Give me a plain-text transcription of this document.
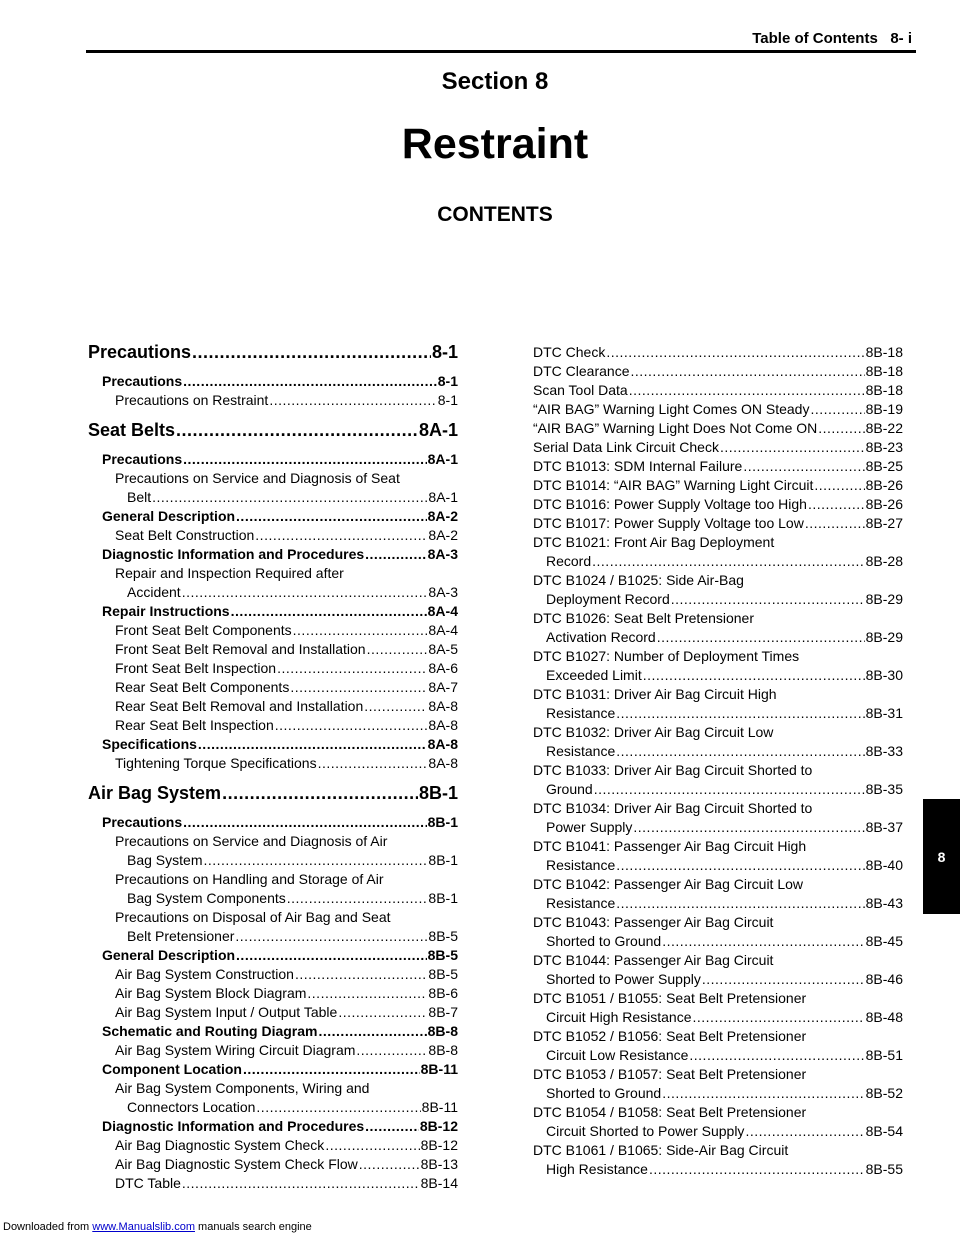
Table of Contents 8- i
Section 8
Restraint
CONTENTS
Precautions .....	8-1
Precautions .....	8-1
Precautions on Restraint .....	8-1
Seat Belts .....	8A-1
Precautions .....	8A-1
Precautions on Service and Diagnosis of Seat
Belt .....	8A-1
General Description .....	8A-2
Seat Belt Construction .....	8A-2
Diagnostic Information and Procedures .....	8A-3
Repair and Inspection Required after
Accident .....	8A-3
Repair Instructions .....	8A-4
Front Seat Belt Components .....	8A-4
Front Seat Belt Removal and Installation .....	8A-5
Front Seat Belt Inspection .....	8A-6
Rear Seat Belt Components .....	8A-7
Rear Seat Belt Removal and Installation .....	8A-8
Rear Seat Belt Inspection .....	8A-8
Specifications .....	8A-8
Tightening Torque Specifications .....	8A-8
Air Bag System .....	8B-1
Precautions .....	8B-1
Precautions on Service and Diagnosis of Air
Bag System .....	8B-1
Precautions on Handling and Storage of Air
Bag System Components .....	8B-1
Precautions on Disposal of Air Bag and Seat
Belt Pretensioner .....	8B-5
General Description .....	8B-5
Air Bag System Construction .....	8B-5
Air Bag System Block Diagram .....	8B-6
Air Bag System Input / Output Table .....	8B-7
Schematic and Routing Diagram .....	8B-8
Air Bag System Wiring Circuit Diagram .....	8B-8
Component Location .....	8B-11
Air Bag System Components, Wiring and
Connectors Location .....	8B-11
Diagnostic Information and Procedures .....	8B-12
Air Bag Diagnostic System Check .....	8B-12
Air Bag Diagnostic System Check Flow .....	8B-13
DTC Table .....	8B-14
DTC Check .....	8B-18
DTC Clearance .....	8B-18
Scan Tool Data .....	8B-18
“AIR BAG” Warning Light Comes ON Steady .....	8B-19
“AIR BAG” Warning Light Does Not Come ON .....	8B-22
Serial Data Link Circuit Check .....	8B-23
DTC B1013: SDM Internal Failure .....	8B-25
DTC B1014: “AIR BAG” Warning Light Circuit .....	8B-26
DTC B1016: Power Supply Voltage too High .....	8B-26
DTC B1017: Power Supply Voltage too Low .....	8B-27
DTC B1021: Front Air Bag Deployment
Record .....	8B-28
DTC B1024 / B1025: Side Air-Bag
Deployment Record .....	8B-29
DTC B1026: Seat Belt Pretensioner
Activation Record .....	8B-29
DTC B1027: Number of Deployment Times
Exceeded Limit .....	8B-30
DTC B1031: Driver Air Bag Circuit High
Resistance .....	8B-31
DTC B1032: Driver Air Bag Circuit Low
Resistance .....	8B-33
DTC B1033: Driver Air Bag Circuit Shorted to
Ground .....	8B-35
DTC B1034: Driver Air Bag Circuit Shorted to
Power Supply .....	8B-37
DTC B1041: Passenger Air Bag Circuit High
Resistance .....	8B-40
DTC B1042: Passenger Air Bag Circuit Low
Resistance .....	8B-43
DTC B1043: Passenger Air Bag Circuit
Shorted to Ground .....	8B-45
DTC B1044: Passenger Air Bag Circuit
Shorted to Power Supply .....	8B-46
DTC B1051 / B1055: Seat Belt Pretensioner
Circuit High Resistance .....	8B-48
DTC B1052 / B1056: Seat Belt Pretensioner
Circuit Low Resistance .....	8B-51
DTC B1053 / B1057: Seat Belt Pretensioner
Shorted to Ground .....	8B-52
DTC B1054 / B1058: Seat Belt Pretensioner
Circuit Shorted to Power Supply .....	8B-54
DTC B1061 / B1065: Side-Air Bag Circuit
High Resistance .....	8B-55
8
Downloaded from www.Manualslib.com manuals search engine
